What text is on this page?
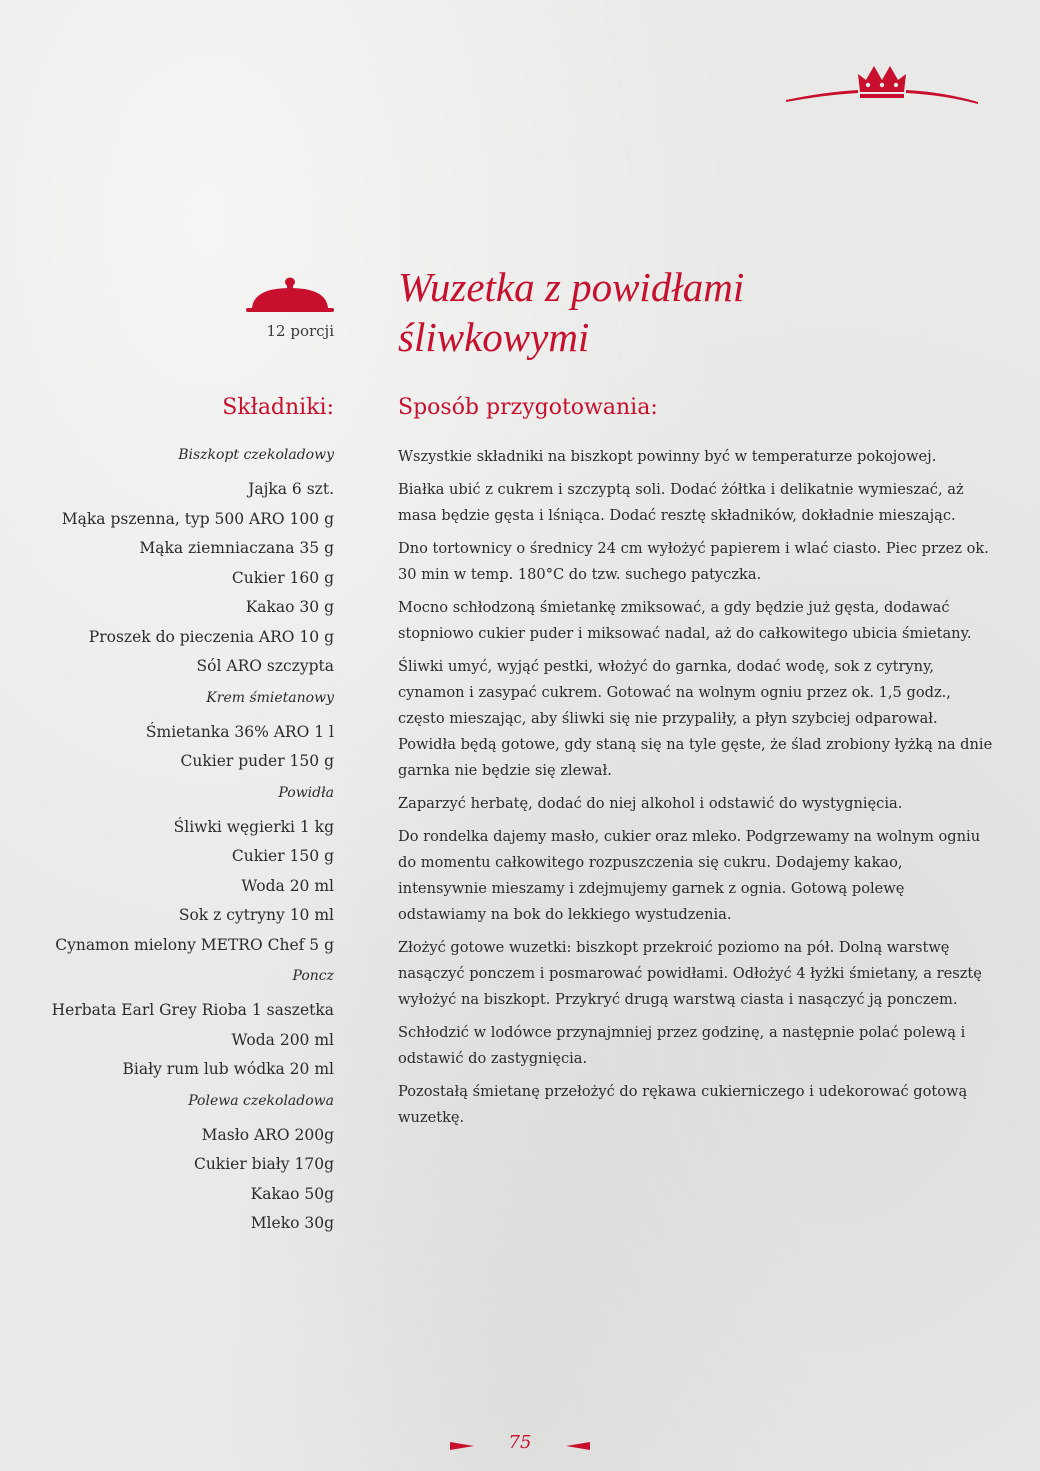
12 porcji
Wuzetka z powidłami
śliwkowymi
Składniki:
Biszkopt czekoladowy
Jajka 6 szt.
Mąka pszenna, typ 500 ARO 100 g
Mąka ziemniaczana 35 g
Cukier 160 g
Kakao 30 g
Proszek do pieczenia ARO 10 g
Sól ARO szczypta
Krem śmietanowy
Śmietanka 36% ARO 1 l
Cukier puder 150 g
Powidła
Śliwki węgierki 1 kg
Cukier 150 g
Woda 20 ml
Sok z cytryny 10 ml
Cynamon mielony METRO Chef 5 g
Poncz
Herbata Earl Grey Rioba 1 saszetka
Woda 200 ml
Biały rum lub wódka 20 ml
Polewa czekoladowa
Masło ARO 200g
Cukier biały 170g
Kakao 50g
Mleko 30g
Sposób przygotowania:

Wszystkie składniki na biszkopt powinny być w temperaturze pokojowej.

Białka ubić z cukrem i szczyptą soli. Dodać żółtka i delikatnie wymieszać, aż masa będzie gęsta i lśniąca. Dodać resztę składników, dokładnie mieszając.

Dno tortownicy o średnicy 24 cm wyłożyć papierem i wlać ciasto. Piec przez ok. 30 min w temp. 180°C do tzw. suchego patyczka.

Mocno schłodzoną śmietankę zmiksować, a gdy będzie już gęsta, dodawać stopniowo cukier puder i miksować nadal, aż do całkowitego ubicia śmietany.

Śliwki umyć, wyjąć pestki, włożyć do garnka, dodać wodę, sok z cytryny, cynamon i zasypać cukrem. Gotować na wolnym ogniu przez ok. 1,5 godz., często mieszając, aby śliwki się nie przypaliły, a płyn szybciej odparował. Powidła będą gotowe, gdy staną się na tyle gęste, że ślad zrobiony łyżką na dnie garnka nie będzie się zlewał.

Zaparzyć herbatę, dodać do niej alkohol i odstawić do wystygnięcia.

Do rondelka dajemy masło, cukier oraz mleko. Podgrzewamy na wolnym ogniu do momentu całkowitego rozpuszczenia się cukru. Dodajemy kakao, intensywnie mieszamy i zdejmujemy garnek z ognia. Gotową polewę odstawiamy na bok do lekkiego wystudzenia.

Złożyć gotowe wuzetki: biszkopt przekroić poziomo na pół. Dolną warstwę nasączyć ponczem i posmarować powidłami. Odłożyć 4 łyżki śmietany, a resztę wyłożyć na biszkopt. Przykryć drugą warstwą ciasta i nasączyć ją ponczem.

Schłodzić w lodówce przynajmniej przez godzinę, a następnie polać polewą i odstawić do zastygnięcia.

Pozostałą śmietanę przełożyć do rękawa cukierniczego i udekorować gotową wuzetkę.

75
